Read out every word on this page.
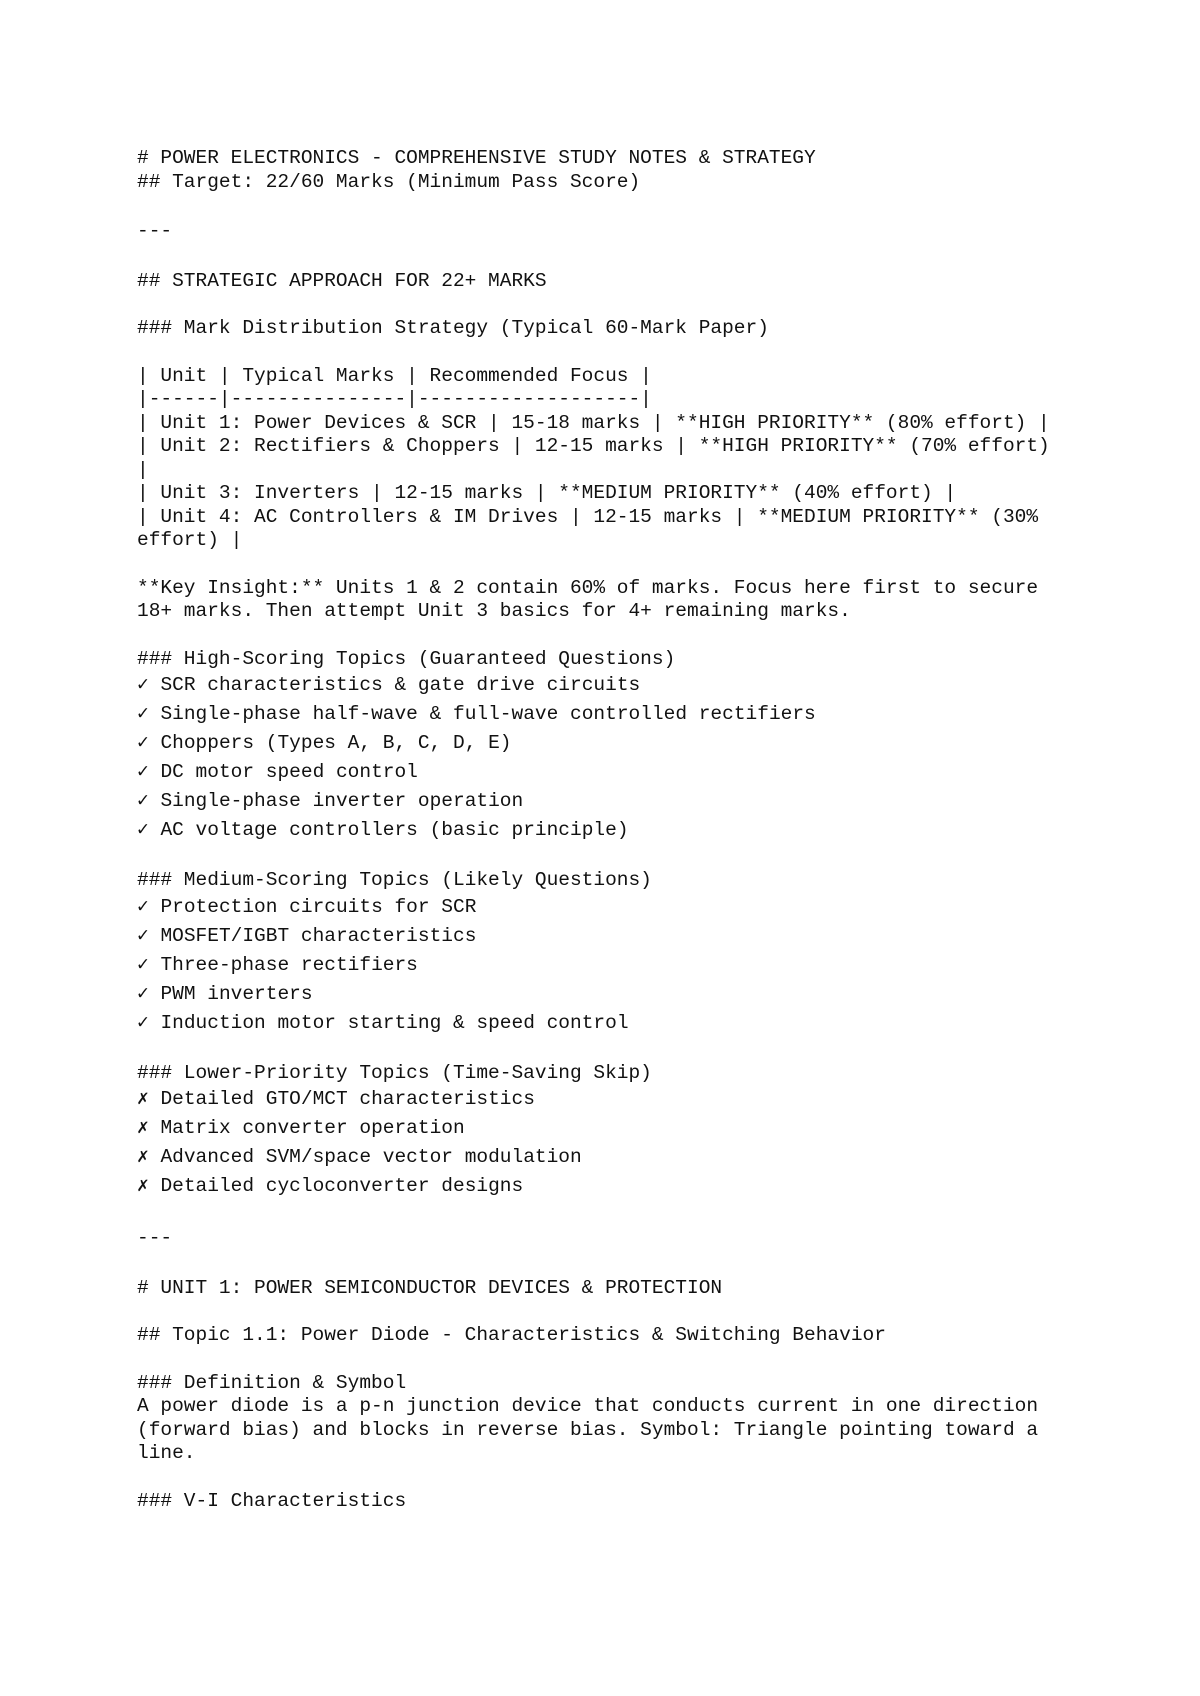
# POWER ELECTRONICS - COMPREHENSIVE STUDY NOTES & STRATEGY
## Target: 22/60 Marks (Minimum Pass Score)
---
## STRATEGIC APPROACH FOR 22+ MARKS
### Mark Distribution Strategy (Typical 60-Mark Paper)
| Unit | Typical Marks | Recommended Focus |
|------|---------------|-------------------|
| Unit 1: Power Devices & SCR | 15-18 marks | **HIGH PRIORITY** (80% effort) |
| Unit 2: Rectifiers & Choppers | 12-15 marks | **HIGH PRIORITY** (70% effort) |
| Unit 3: Inverters | 12-15 marks | **MEDIUM PRIORITY** (40% effort) |
| Unit 4: AC Controllers & IM Drives | 12-15 marks | **MEDIUM PRIORITY** (30% effort) |
**Key Insight:** Units 1 & 2 contain 60% of marks. Focus here first to secure 18+ marks. Then attempt Unit 3 basics for 4+ remaining marks.
### High-Scoring Topics (Guaranteed Questions)
✓ SCR characteristics & gate drive circuits
✓ Single-phase half-wave & full-wave controlled rectifiers
✓ Choppers (Types A, B, C, D, E)
✓ DC motor speed control
✓ Single-phase inverter operation
✓ AC voltage controllers (basic principle)
### Medium-Scoring Topics (Likely Questions)
✓ Protection circuits for SCR
✓ MOSFET/IGBT characteristics
✓ Three-phase rectifiers
✓ PWM inverters
✓ Induction motor starting & speed control
### Lower-Priority Topics (Time-Saving Skip)
✗ Detailed GTO/MCT characteristics
✗ Matrix converter operation
✗ Advanced SVM/space vector modulation
✗ Detailed cycloconverter designs
---
# UNIT 1: POWER SEMICONDUCTOR DEVICES & PROTECTION
## Topic 1.1: Power Diode - Characteristics & Switching Behavior
### Definition & Symbol
A power diode is a p-n junction device that conducts current in one direction (forward bias) and blocks in reverse bias. Symbol: Triangle pointing toward a line.
### V-I Characteristics
